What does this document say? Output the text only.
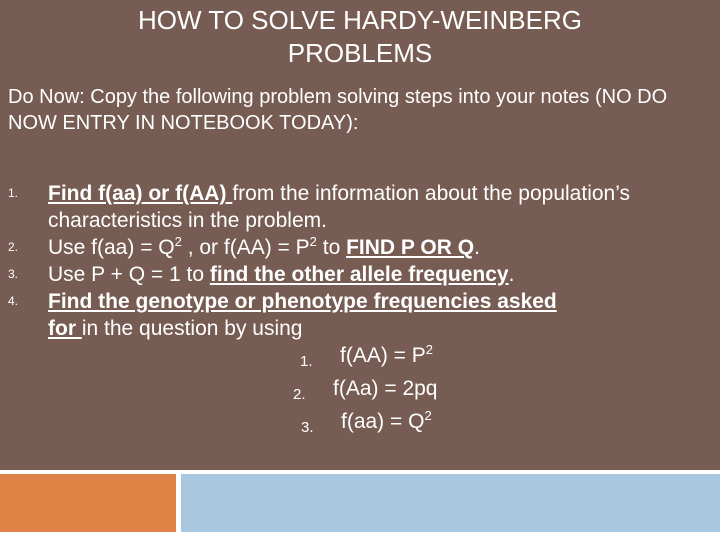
HOW TO SOLVE HARDY-WEINBERG
PROBLEMS
Do Now: Copy the following problem solving steps into your notes (NO DO NOW ENTRY IN NOTEBOOK TODAY):
1.	Find f(aa) or f(AA) from the information about the population’s characteristics in the problem.
2.	Use $f(aa) = Q^2$ , or $f(AA) = P^2$ to FIND P OR Q.
3.	Use P + Q = 1 to find the other allele frequency.
4.	Find the genotype or phenotype frequencies asked
for in the question by using
1. $f(AA) = P^2$
2. f(Aa) = 2pq
3. $f(aa) = Q^2$
